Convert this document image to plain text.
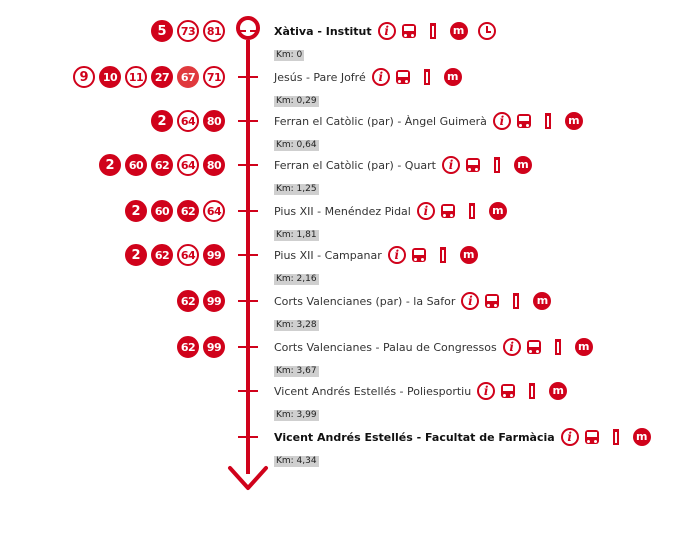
5	73	81	Xàtiva - Institut	i	m
Km: 0
9	10	11	27	67	71	Jesús - Pare Jofré	i	m
Km: 0,29
2	64	80	Ferran el Catòlic (par) - Àngel Guimerà	i	m
Km: 0,64
2	60	62	64	80	Ferran el Catòlic (par) - Quart	i	m
Km: 1,25
2	60	62	64	Pius XII - Menéndez Pidal	i	m
Km: 1,81
2	62	64	99	Pius XII - Campanar	i	m
Km: 2,16
62	99	Corts Valencianes (par) - la Safor	i	m
Km: 3,28
62	99	Corts Valencianes - Palau de Congressos	i	m
Km: 3,67
Vicent Andrés Estellés - Poliesportiu	i	m
Km: 3,99
Vicent Andrés Estellés - Facultat de Farmàcia	i	m
Km: 4,34
